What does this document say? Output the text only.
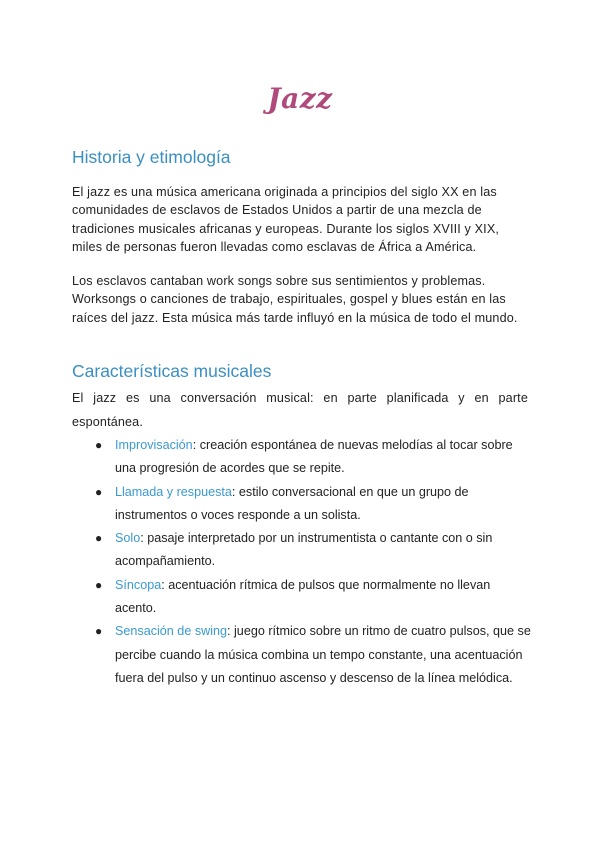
Jazz
Historia y etimología
El jazz es una música americana originada a principios del siglo XX en las comunidades de esclavos de Estados Unidos a partir de una mezcla de tradiciones musicales africanas y europeas. Durante los siglos XVIII y XIX, miles de personas fueron llevadas como esclavas de África a América.
Los esclavos cantaban work songs sobre sus sentimientos y problemas. Worksongs o canciones de trabajo, espirituales, gospel y blues están en las raíces del jazz. Esta música más tarde influyó en la música de todo el mundo.
Características musicales
El jazz es una conversación musical: en parte planificada y en parte espontánea.
● Improvisación: creación espontánea de nuevas melodías al tocar sobre una progresión de acordes que se repite.
● Llamada y respuesta: estilo conversacional en que un grupo de instrumentos o voces responde a un solista.
● Solo: pasaje interpretado por un instrumentista o cantante con o sin acompañamiento.
● Síncopa: acentuación rítmica de pulsos que normalmente no llevan acento.
● Sensación de swing: juego rítmico sobre un ritmo de cuatro pulsos, que se percibe cuando la música combina un tempo constante, una acentuación fuera del pulso y un continuo ascenso y descenso de la línea melódica.
